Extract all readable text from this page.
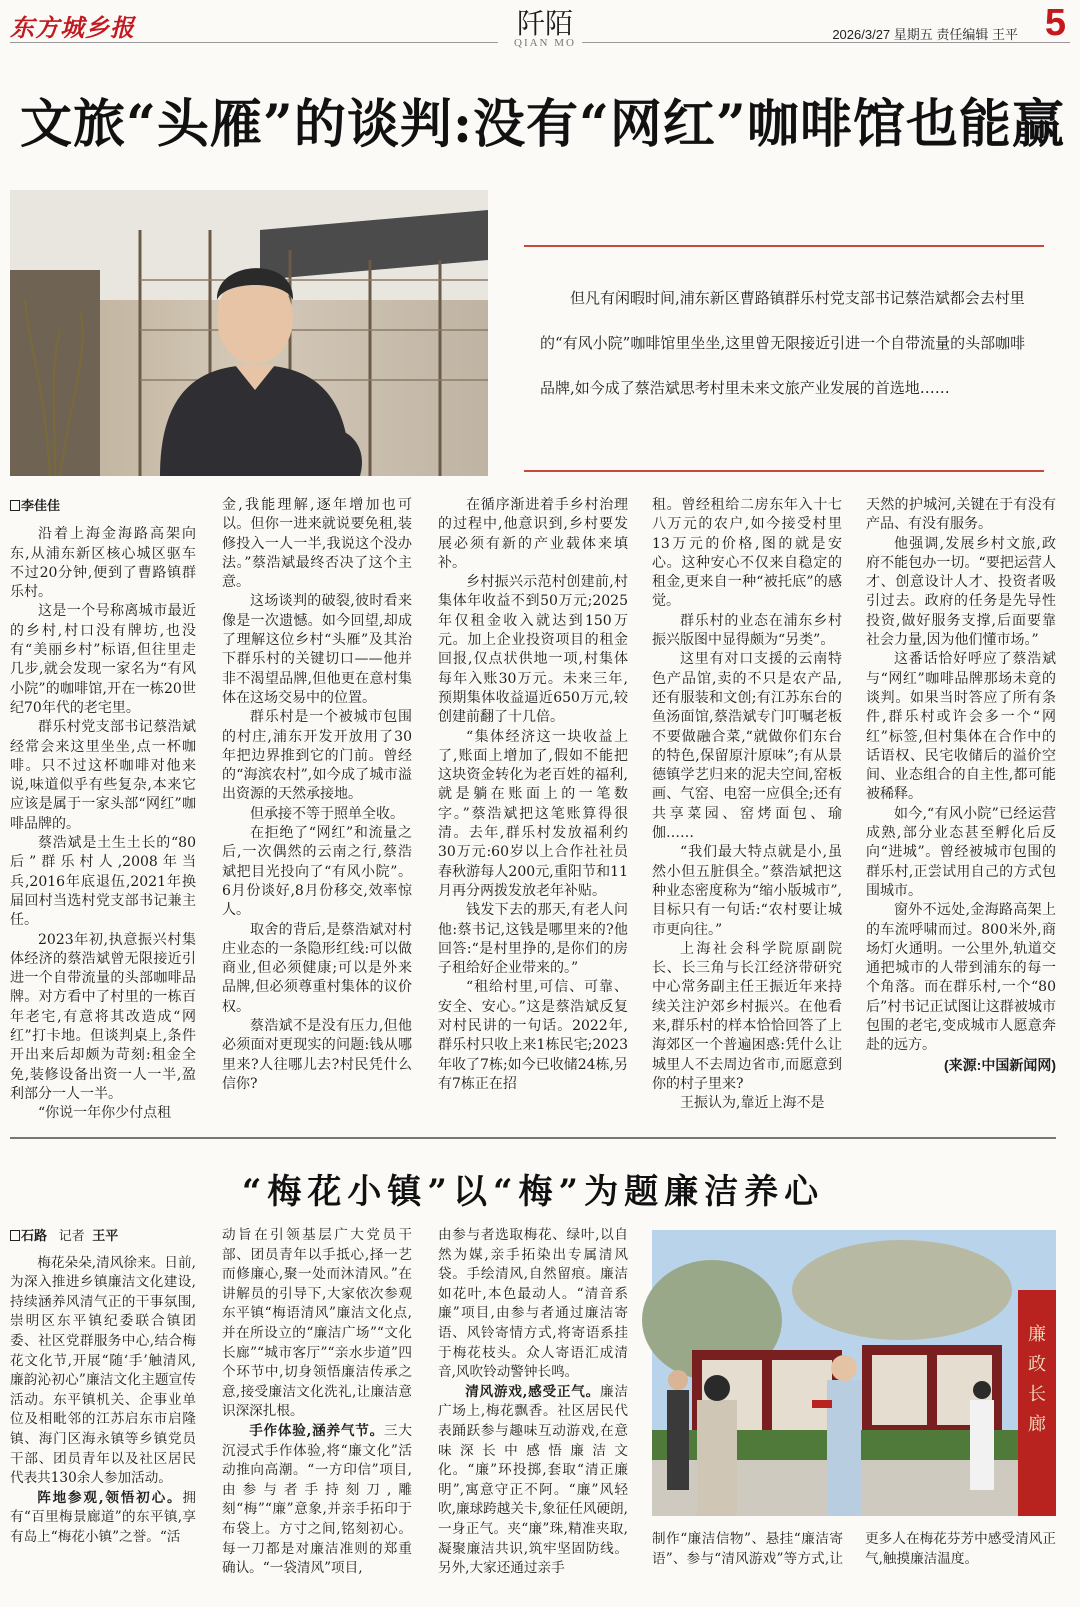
东方城乡报	阡陌
QIAN MO
2026/3/27 星期五 责任编辑 王平 5
文旅“头雁”的谈判:没有“网红”咖啡馆也能赢

但凡有闲暇时间,浦东新区曹路镇群乐村党支部书记蔡浩斌都会去村里的“有风小院”咖啡馆里坐坐,这里曾无限接近引进一个自带流量的头部咖啡品牌,如今成了蔡浩斌思考村里未来文旅产业发展的首选地……

李佳佳

沿着上海金海路高架向东,从浦东新区核心城区驱车不过20分钟,便到了曹路镇群乐村。

这是一个号称离城市最近的乡村,村口没有牌坊,也没有“美丽乡村”标语,但往里走几步,就会发现一家名为“有风小院”的咖啡馆,开在一栋20世纪70年代的老宅里。

群乐村党支部书记蔡浩斌经常会来这里坐坐,点一杯咖啡。只不过这杯咖啡对他来说,味道似乎有些复杂,本来它应该是属于一家头部“网红”咖啡品牌的。

蔡浩斌是土生土长的“80后”群乐村人,2008年当兵,2016年底退伍,2021年换届回村当选村党支部书记兼主任。

2023年初,执意振兴村集体经济的蔡浩斌曾无限接近引进一个自带流量的头部咖啡品牌。对方看中了村里的一栋百年老宅,有意将其改造成“网红”打卡地。但谈判桌上,条件开出来后却颇为苛刻:租金全免,装修设备出资一人一半,盈利部分一人一半。

“你说一年你少付点租

金,我能理解,逐年增加也可以。但你一进来就说要免租,装修投入一人一半,我说这个没办法。”蔡浩斌最终否决了这个主意。

这场谈判的破裂,彼时看来像是一次遗憾。如今回望,却成了理解这位乡村“头雁”及其治下群乐村的关键切口——他并非不渴望品牌,但他更在意村集体在这场交易中的位置。

群乐村是一个被城市包围的村庄,浦东开发开放用了30年把边界推到它的门前。曾经的“海滨农村”,如今成了城市溢出资源的天然承接地。

但承接不等于照单全收。

在拒绝了“网红”和流量之后,一次偶然的云南之行,蔡浩斌把目光投向了“有风小院”。6月份谈好,8月份移交,效率惊人。

取舍的背后,是蔡浩斌对村庄业态的一条隐形红线:可以做商业,但必须健康;可以是外来品牌,但必须尊重村集体的议价权。

蔡浩斌不是没有压力,但他必须面对更现实的问题:钱从哪里来?人往哪儿去?村民凭什么信你?

在循序渐进着手乡村治理的过程中,他意识到,乡村要发展必须有新的产业载体来填补。

乡村振兴示范村创建前,村集体年收益不到50万元;2025年仅租金收入就达到150万元。加上企业投资项目的租金回报,仅点状供地一项,村集体每年入账30万元。未来三年,预期集体收益逼近650万元,较创建前翻了十几倍。

“集体经济这一块收益上了,账面上增加了,假如不能把这块资金转化为老百姓的福利,就是躺在账面上的一笔数字。”蔡浩斌把这笔账算得很清。去年,群乐村发放福利约30万元:60岁以上合作社社员春秋游每人200元,重阳节和11月再分两拨发放老年补贴。

钱发下去的那天,有老人问他:蔡书记,这钱是哪里来的?他回答:“是村里挣的,是你们的房子租给好企业带来的。”

“租给村里,可信、可靠、安全、安心。”这是蔡浩斌反复对村民讲的一句话。2022年,群乐村只收上来1栋民宅;2023年收了7栋;如今已收储24栋,另有7栋正在招

租。曾经租给二房东年入十七八万元的农户,如今接受村里13万元的价格,图的就是安心。这种安心不仅来自稳定的租金,更来自一种“被托底”的感觉。

群乐村的业态在浦东乡村振兴版图中显得颇为“另类”。

这里有对口支援的云南特色产品馆,卖的不只是农产品,还有服装和文创;有江苏东台的鱼汤面馆,蔡浩斌专门叮嘱老板不要做融合菜,“就做你们东台的特色,保留原汁原味”;有从景德镇学艺归来的泥夫空间,窑板画、气窑、电窑一应俱全;还有共享菜园、窑烤面包、瑜伽……

“我们最大特点就是小,虽然小但五脏俱全。”蔡浩斌把这种业态密度称为“缩小版城市”,目标只有一句话:“农村要让城市更向往。”

上海社会科学院原副院长、长三角与长江经济带研究中心常务副主任王振近年来持续关注沪郊乡村振兴。在他看来,群乐村的样本恰恰回答了上海郊区一个普遍困惑:凭什么让城里人不去周边省市,而愿意到你的村子里来?

王振认为,靠近上海不是

天然的护城河,关键在于有没有产品、有没有服务。

他强调,发展乡村文旅,政府不能包办一切。“要把运营人才、创意设计人才、投资者吸引过去。政府的任务是先导性投资,做好服务支撑,后面要靠社会力量,因为他们懂市场。”

这番话恰好呼应了蔡浩斌与“网红”咖啡品牌那场未竟的谈判。如果当时答应了所有条件,群乐村或许会多一个“网红”标签,但村集体在合作中的话语权、民宅收储后的溢价空间、业态组合的自主性,都可能被稀释。

如今,“有风小院”已经运营成熟,部分业态甚至孵化后反向“进城”。曾经被城市包围的群乐村,正尝试用自己的方式包围城市。

窗外不远处,金海路高架上的车流呼啸而过。800米外,商场灯火通明。一公里外,轨道交通把城市的人带到浦东的每一个角落。而在群乐村,一个“80后”村书记正试图让这群被城市包围的老宅,变成城市人愿意奔赴的远方。

(来源:中国新闻网)

“梅花小镇”以“梅”为题廉洁养心
石路 记者 王平

梅花朵朵,清风徐来。日前,为深入推进乡镇廉洁文化建设,持续涵养风清气正的干事氛围,崇明区东平镇纪委联合镇团委、社区党群服务中心,结合梅花文化节,开展“随‘手’触清风,廉韵沁初心”廉洁文化主题宣传活动。东平镇机关、企事业单位及相毗邻的江苏启东市启隆镇、海门区海永镇等乡镇党员干部、团员青年以及社区居民代表共130余人参加活动。

阵地参观,领悟初心。拥有“百里梅景廊道”的东平镇,享有岛上“梅花小镇”之誉。“活

动旨在引领基层广大党员干部、团员青年以手抵心,择一艺而修廉心,聚一处而沐清风。”在讲解员的引导下,大家依次参观东平镇“梅语清风”廉洁文化点,并在所设立的“廉洁广场”“文化长廊”“城市客厅”“亲水步道”四个环节中,切身领悟廉洁传承之意,接受廉洁文化洗礼,让廉洁意识深深扎根。

手作体验,涵养气节。三大沉浸式手作体验,将“廉文化”活动推向高潮。“一方印信”项目,由参与者手持刻刀,雕刻“梅”“廉”意象,并亲手拓印于布袋上。方寸之间,铭刻初心。每一刀都是对廉洁准则的郑重确认。“一袋清风”项目,

由参与者选取梅花、绿叶,以自然为媒,亲手拓染出专属清风袋。手绘清风,自然留痕。廉洁如花叶,本色最动人。“清音系廉”项目,由参与者通过廉洁寄语、风铃寄情方式,将寄语系挂于梅花枝头。众人寄语汇成清音,风吹铃动警钟长鸣。

清风游戏,感受正气。廉洁广场上,梅花飘香。社区居民代表踊跃参与趣味互动游戏,在意味深长中感悟廉洁文化。“廉”环投掷,套取“清正廉明”,寓意守正不阿。“廉”风轻吹,廉球跨越关卡,象征任风硬朗,一身正气。夹“廉”珠,精准夹取,凝聚廉洁共识,筑牢坚固防线。另外,大家还通过亲手

廉
政
长
廊
制作“廉洁信物”、悬挂“廉洁寄语”、参与“清风游戏”等方式,让更多人在梅花芬芳中感受清风正气,触摸廉洁温度。
